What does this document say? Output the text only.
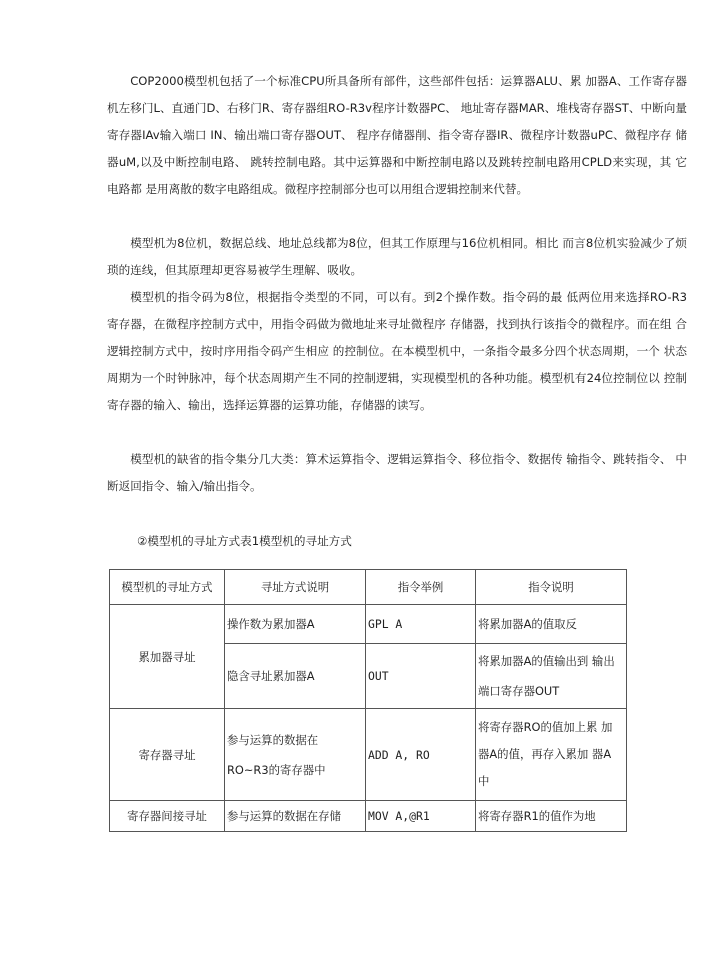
COP2000模型机包括了一个标准CPU所具备所有部件，这些部件包括：运算器ALU、累 加器A、工作寄存器 机左移门L、直通门D、右移门R、寄存器组RO-R3v程序计数器PC、 地址寄存器MAR、堆栈寄存器ST、中断向量 寄存器IAv输入端口 IN、输出端口寄存器OUT、 程序存储器削、指令寄存器IR、微程序计数器uPC、微程序存 储器uM,以及中断控制电路、 跳转控制电路。其中运算器和中断控制电路以及跳转控制电路用CPLD来实现，其 它电路都 是用离散的数字电路组成。微程序控制部分也可以用组合逻辑控制来代替。

模型机为8位机，数据总线、地址总线都为8位，但其工作原理与16位机相同。相比 而言8位机实验减少了烦 琐的连线，但其原理却更容易被学生理解、吸收。

模型机的指令码为8位，根据指令类型的不同，可以有。到2个操作数。指令码的最 低两位用来选择RO-R3 寄存器，在微程序控制方式中，用指令码做为微地址来寻址微程序 存储器，找到执行该指令的微程序。而在组 合逻辑控制方式中，按时序用指令码产生相应 的控制位。在本模型机中，一条指令最多分四个状态周期，一个 状态周期为一个时钟脉冲，每个状态周期产生不同的控制逻辑，实现模型机的各种功能。模型机有24位控制位以 控制 寄存器的输入、输出，选择运算器的运算功能，存储器的读写。

模型机的缺省的指令集分几大类：算术运算指令、逻辑运算指令、移位指令、数据传 输指令、跳转指令、 中断返回指令、输入/输出指令。

②模型机的寻址方式表1模型机的寻址方式
模型机的寻址方式	寻址方式说明	指令举例	指令说明
累加器寻址	操作数为累加器A	GPL A	将累加器A的值取反
	隐含寻址累加器A	OUT	将累加器A的值输出到 输出端口寄存器OUT
寄存器寻址	参与运算的数据在 RO~R3的寄存器中	ADD A, RO	将寄存器RO的值加上累 加 器A的值，再存入累加 器A 中
寄存器间接寻址	参与运算的数据在存储	MOV A,@R1	将寄存器R1的值作为地
